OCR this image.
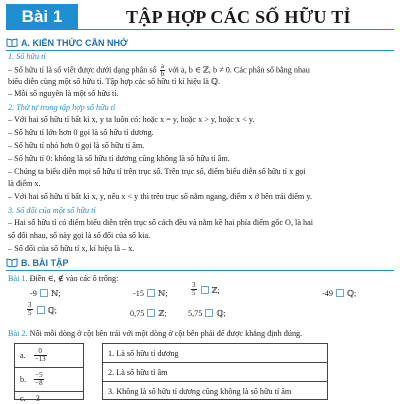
Bài 1	TẬP HỢP CÁC SỐ HỮU TỈ
A. KIẾN THỨC CẦN NHỚ
1. Số hữu tỉ
– Số hữu tỉ là số viết được dưới dạng phân số $\frac{a}{b}$ với a, b ∈ ℤ, b ≠ 0. Các phân số bằng nhau
biểu diễn cùng một số hữu tỉ. Tập hợp các số hữu tỉ kí hiệu là ℚ.
– Mỗi số nguyên là một số hữu tỉ.
2. Thứ tự trong tập hợp số hữu tỉ
– Với hai số hữu tỉ bất kì x, y ta luôn có: hoặc x = y, hoặc x > y, hoặc x < y.
– Số hữu tỉ lớn hơn 0 gọi là số hữu tỉ dương.
– Số hữu tỉ nhỏ hơn 0 gọi là số hữu tỉ âm.
– Số hữu tỉ 0: không là số hữu tỉ dương cũng không là số hữu tỉ âm.
– Chúng ta biểu diễn mọi số hữu tỉ trên trục số. Trên trục số, điểm biểu diễn số hữu tỉ x gọi
là điểm x.
– Với hai số hữu tỉ bất kì x, y, nếu x < y thì trên trục số nằm ngang, điểm x ở bên trái điểm y.
3. Số đối của một số hữu tỉ
– Hai số hữu tỉ có điểm biểu diễn trên trục số cách đều và nằm kề hai phía điểm gốc O, là hai
số đối nhau, số này gọi là số đối của số kia.
– Số đối của số hữu tỉ x, kí hiệu là – x.
B. BÀI TẬP
Bài 1. Điền ∈, ∉ vào các ô trống:
-9 ℕ;	-15 ℕ;	$\frac{3}{5}$ ℤ;	-49 ℚ;
$\frac{3}{5}$ ℚ;	0,75 ℤ;	5,75 ℚ;
Bài 2. Nối mỗi dòng ở cột bên trái với một dòng ở cột bên phải để được khẳng định đúng.
a. $\frac{0}{-13}$
b. $\frac{-5}{-8}$
c. 3
1. Là số hữu tỉ dương
2. Là số hữu tỉ âm
3. Không là số hữu tỉ dương cũng không là số hữu tỉ âm
